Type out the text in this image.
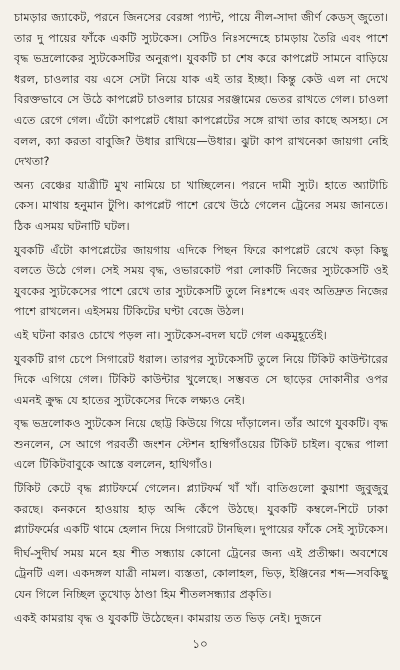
চামড়ার জ্যাকেট, পরনে জিনসের বেরঙ্গা প্যান্ট, পায়ে নীল-সাদা জীর্ণ কেডস্ জুতো। তার দু পায়ের ফাঁকে একটি স্যুটকেস। সেটিও নিঃসন্দেহে চামড়ায় তৈরি এবং পাশে বৃদ্ধ ভদ্রলোকের স্যুটকেসটির অনুরূপ। যুবকটি চা শেষ করে কাপপ্লেট সামনে বাড়িয়ে ধরল, চাওলার বয় এসে সেটা নিয়ে যাক এই তার ইচ্ছা। কিন্তু কেউ এল না দেখে বিরক্তভাবে সে উঠে কাপপ্লেট চাওলার চায়ের সরঞ্জামের ভেতর রাখতে গেল। চাওলা এতে রেগে গেল। এঁটো কাপপ্লেট ধোয়া কাপপ্লেটের সঙ্গে রাখা তার কাছে অসহ্য। সে বলল, ক্যা করতা বাবুজি? উধার রাখিয়ে—উধার। ঝুটা কাপ রাখনেকা জায়গা নেহি দেখতা?

অন্য বেঞ্চের যাত্রীটি মুখ নামিয়ে চা খাচ্ছিলেন। পরনে দামী স্যুট। হাতে অ্যাটাচি কেস। মাথায় হনুমান টুপি। কাপপ্লেট পাশে রেখে উঠে গেলেন ট্রেনের সময় জানতে। ঠিক এসময় ঘটনাটি ঘটল।

যুবকটি এঁটো কাপপ্লেটের জায়গায় এদিকে পিছন ফিরে কাপপ্লেট রেখে কড়া কিছু বলতে উঠে গেল। সেই সময় বৃদ্ধ, ওভারকোট পরা লোকটি নিজের স্যুটকেসটি ওই যুবকের স্যুটকেসের পাশে রেখে তার স্যুটকেসটি তুলে নিঃশব্দে এবং অতিদ্রুত নিজের পাশে রাখলেন। এইসময় টিকিটের ঘণ্টা বেজে উঠল।

এই ঘটনা কারও চোখে পড়ল না। স্যুটকেস-বদল ঘটে গেল একমুহূর্তেই।

যুবকটি রাগ চেপে সিগারেট ধরাল। তারপর স্যুটকেসটি তুলে নিয়ে টিকিট কাউন্টারের দিকে এগিয়ে গেল। টিকিট কাউন্টার খুলেছে। সম্ভবত সে ছাড়ের দোকানীর ওপর এমনই ক্রুদ্ধ যে হাতের স্যুটকেসের দিকে লক্ষ্যও নেই।

বৃদ্ধ ভদ্রলোকও স্যুটকেস নিয়ে ছোট্ট কিউয়ে গিয়ে দাঁড়ালেন। তাঁর আগে যুবকটি। বৃদ্ধ শুনলেন, সে আগে পরবর্তী জংশন স্টেশন হাম্বিগাঁওয়ের টিকিট চাইল। বৃদ্ধের পালা এলে টিকিটবাবুকে আস্তে বললেন, হাথিগাঁও।

টিকিট কেটে বৃদ্ধ প্ল্যাটফর্মে গেলেন। প্ল্যাটফর্ম খাঁ খাঁ। বাতিগুলো কুয়াশা জুবুজুবু করছে। কনকনে হাওয়ায় হাড় অব্দি কেঁপে উঠছে। যুবকটি কম্বলে-শিটে ঢাকা প্ল্যাটফর্মের একটি থামে হেলান দিয়ে সিগারেট টানছিল। দুপায়ের ফাঁকে সেই স্যুটকেস।

দীর্ঘ-সুদীর্ঘ সময় মনে হয় শীত সন্ধ্যায় কোনো ট্রেনের জন্য এই প্রতীক্ষা। অবশেষে ট্রেনটি এল। একদঙ্গল যাত্রী নামল। ব্যস্ততা, কোলাহল, ভিড়, ইঞ্জিনের শব্দ—সবকিছু যেন গিলে নিচ্ছিল তুখোড় ঠাণ্ডা হিম শীতলসন্ধ্যার প্রকৃতি।

একই কামরায় বৃদ্ধ ও যুবকটি উঠেছেন। কামরায় তত ভিড় নেই। দুজনে

১০
